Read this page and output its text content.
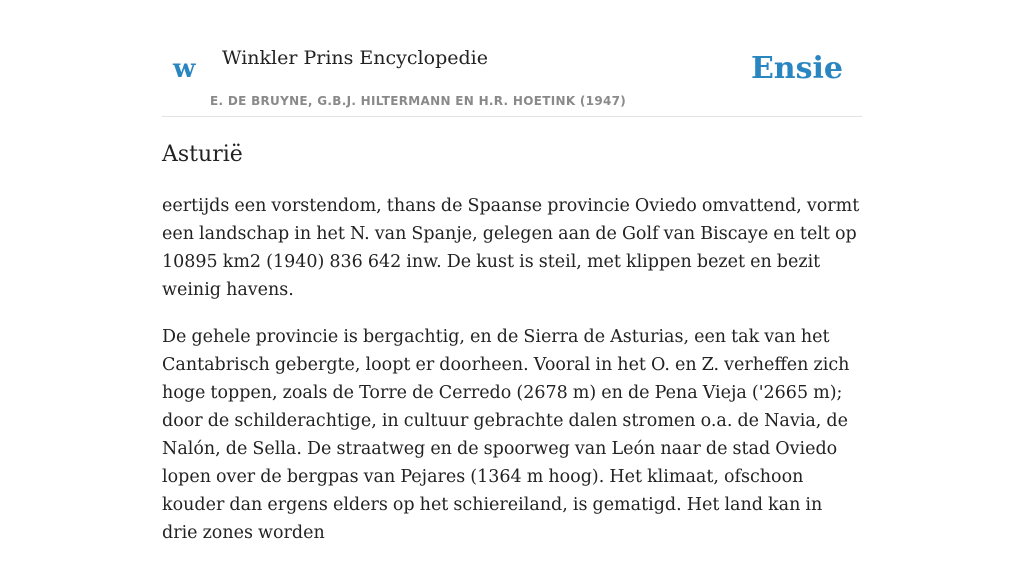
w Winkler Prins Encyclopedie	Ensie
E. DE BRUYNE, G.B.J. HILTERMANN EN H.R. HOETINK (1947)
Asturië

eertijds een vorstendom, thans de Spaanse provincie Oviedo omvattend, vormt een landschap in het N. van Spanje, gelegen aan de Golf van Biscaye en telt op 10895 km2 (1940) 836 642 inw. De kust is steil, met klippen bezet en bezit weinig havens.

De gehele provincie is bergachtig, en de Sierra de Asturias, een tak van het Cantabrisch gebergte, loopt er doorheen. Vooral in het O. en Z. verheffen zich hoge toppen, zoals de Torre de Cerredo (2678 m) en de Pena Vieja ('2665 m); door de schilderachtige, in cultuur gebrachte dalen stromen o.a. de Navia, de Nalón, de Sella. De straatweg en de spoorweg van León naar de stad Oviedo lopen over de bergpas van Pejares (1364 m hoog). Het klimaat, ofschoon kouder dan ergens elders op het schiereiland, is gematigd. Het land kan in drie zones worden
